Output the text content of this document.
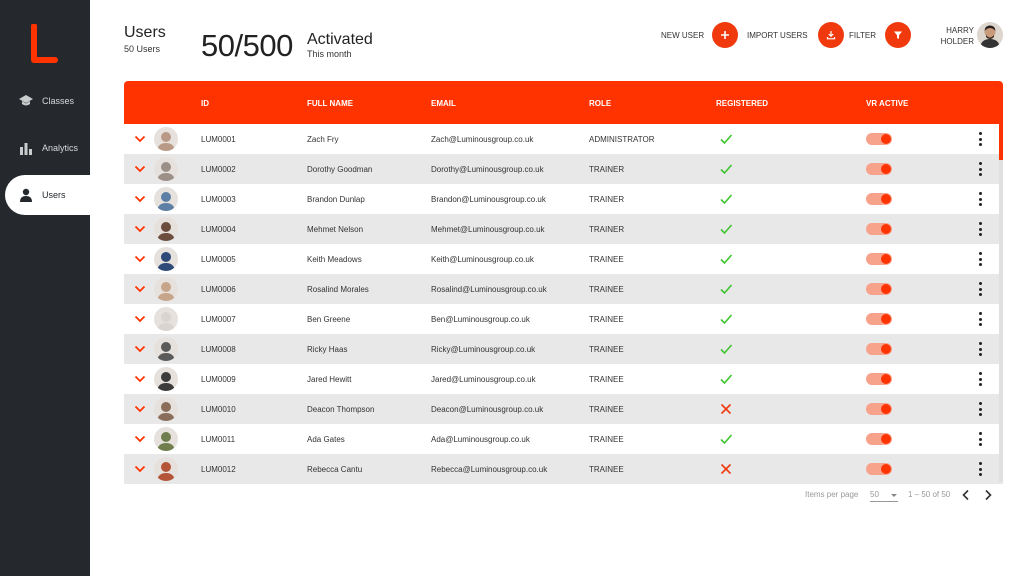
Classes
Analytics
Users
Users
50 Users 50/500 Activated
This month
NEW USER	IMPORT USERS	FILTER	HARRY
HOLDER
ID	FULL NAME	EMAIL	ROLE	REGISTERED	VR ACTIVE
LUM0001	Zach Fry	Zach@Luminousgroup.co.uk	ADMINISTRATOR
LUM0002	Dorothy Goodman	Dorothy@Luminousgroup.co.uk	TRAINER
LUM0003	Brandon Dunlap	Brandon@Luminousgroup.co.uk	TRAINER
LUM0004	Mehmet Nelson	Mehmet@Luminousgroup.co.uk	TRAINER
LUM0005	Keith Meadows	Keith@Luminousgroup.co.uk	TRAINEE
LUM0006	Rosalind Morales	Rosalind@Luminousgroup.co.uk	TRAINEE
LUM0007	Ben Greene	Ben@Luminousgroup.co.uk	TRAINEE
LUM0008	Ricky Haas	Ricky@Luminousgroup.co.uk	TRAINEE
LUM0009	Jared Hewitt	Jared@Luminousgroup.co.uk	TRAINEE
LUM0010	Deacon Thompson	Deacon@Luminousgroup.co.uk	TRAINEE
LUM0011	Ada Gates	Ada@Luminousgroup.co.uk	TRAINEE
LUM0012	Rebecca Cantu	Rebecca@Luminousgroup.co.uk	TRAINEE
Items per page 50	1 – 50 of 50
